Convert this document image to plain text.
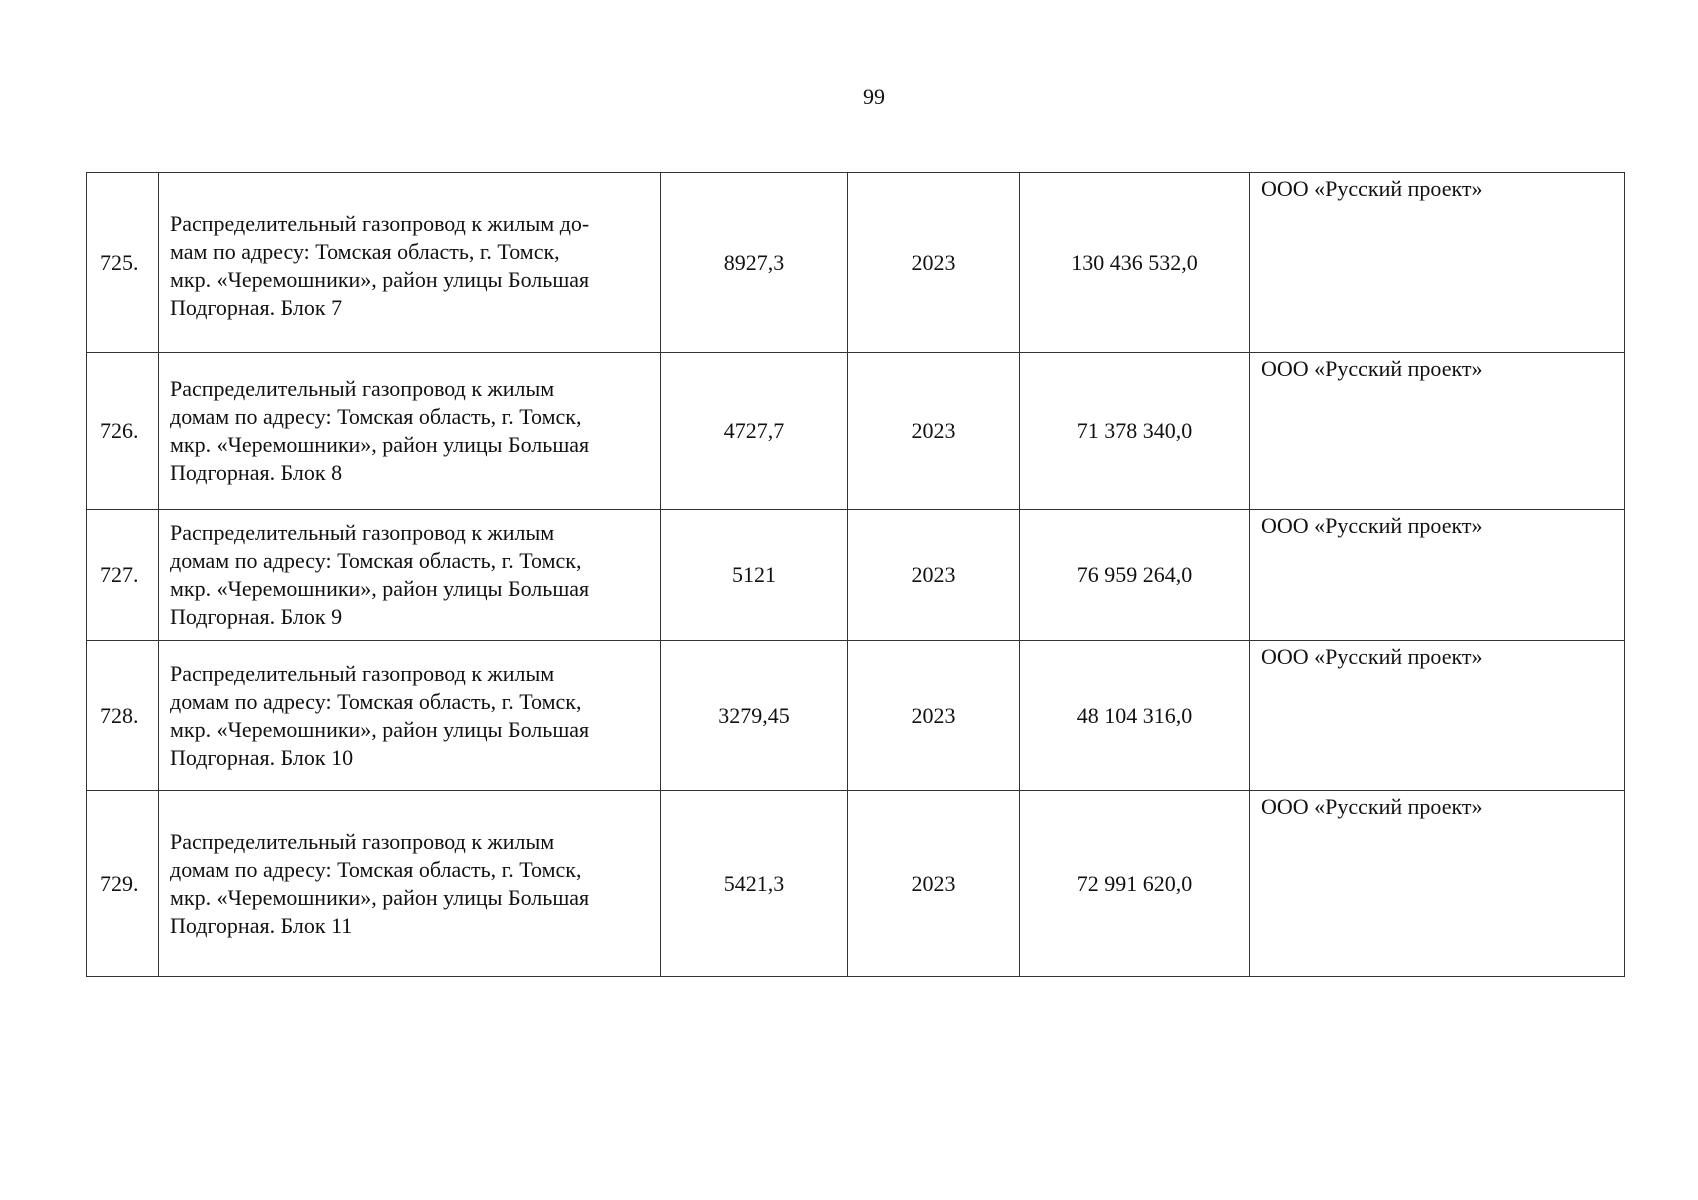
99
725.	Распределительный газопровод к жилым до-
мам по адресу: Томская область, г. Томск,
мкр. «Черемошники», район улицы Большая
Подгорная. Блок 7	8927,3	2023	130 436 532,0	ООО «Русский проект»
726.	Распределительный газопровод к жилым
домам по адресу: Томская область, г. Томск,
мкр. «Черемошники», район улицы Большая
Подгорная. Блок 8	4727,7	2023	71 378 340,0	ООО «Русский проект»
727.	Распределительный газопровод к жилым
домам по адресу: Томская область, г. Томск,
мкр. «Черемошники», район улицы Большая
Подгорная. Блок 9	5121	2023	76 959 264,0	ООО «Русский проект»
728.	Распределительный газопровод к жилым
домам по адресу: Томская область, г. Томск,
мкр. «Черемошники», район улицы Большая
Подгорная. Блок 10	3279,45	2023	48 104 316,0	ООО «Русский проект»
729.	Распределительный газопровод к жилым
домам по адресу: Томская область, г. Томск,
мкр. «Черемошники», район улицы Большая
Подгорная. Блок 11	5421,3	2023	72 991 620,0	ООО «Русский проект»
